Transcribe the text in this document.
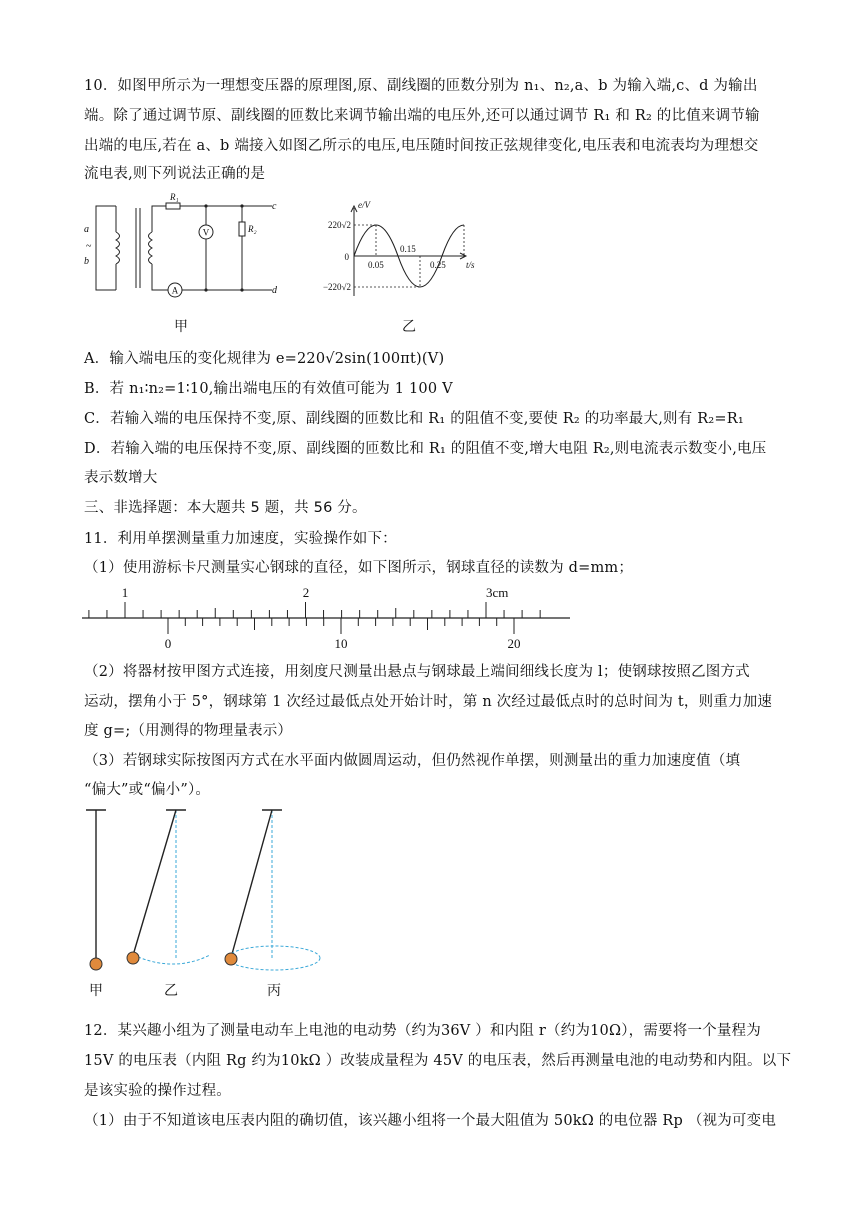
10．如图甲所示为一理想变压器的原理图,原、副线圈的匝数分别为 n₁、n₂,a、b 为输入端,c、d 为输出
端。除了通过调节原、副线圈的匝数比来调节输出端的电压外,还可以通过调节 R₁ 和 R₂ 的比值来调节输
出端的电压,若在 a、b 端接入如图乙所示的电压,电压随时间按正弦规律变化,电压表和电流表均为理想交
流电表,则下列说法正确的是
V
A
R₁
R₂
a
~
b
c
d
甲
e/V
t/s
220√2
−220√2
0
0.05
0.15
0.25
乙
A．输入端电压的变化规律为 e=220√2sin(100πt)(V)
B．若 n₁∶n₂=1∶10,输出端电压的有效值可能为 1 100 V
C．若输入端的电压保持不变,原、副线圈的匝数比和 R₁ 的阻值不变,要使 R₂ 的功率最大,则有 R₂=R₁
D．若输入端的电压保持不变,原、副线圈的匝数比和 R₁ 的阻值不变,增大电阻 R₂,则电流表示数变小,电压
表示数增大
三、非选择题：本大题共 5 题，共 56 分。
11．利用单摆测量重力加速度，实验操作如下：
（1）使用游标卡尺测量实心钢球的直径，如下图所示，钢球直径的读数为 d=mm；
1	2	3cm
0	10	20
（2）将器材按甲图方式连接，用刻度尺测量出悬点与钢球最上端间细线长度为 l；使钢球按照乙图方式
运动，摆角小于 5°，钢球第 1 次经过最低点处开始计时，第 n 次经过最低点时的总时间为 t，则重力加速
度 g=;（用测得的物理量表示）
（3）若钢球实际按图丙方式在水平面内做圆周运动，但仍然视作单摆，则测量出的重力加速度值（填
“偏大”或“偏小”）。
甲	乙	丙
12．某兴趣小组为了测量电动车上电池的电动势（约为36V ）和内阻 r（约为10Ω），需要将一个量程为
15V 的电压表（内阻 Rg 约为10kΩ ）改装成量程为 45V 的电压表，然后再测量电池的电动势和内阻。以下
是该实验的操作过程。
（1）由于不知道该电压表内阻的确切值，该兴趣小组将一个最大阻值为 50kΩ 的电位器 Rp （视为可变电
